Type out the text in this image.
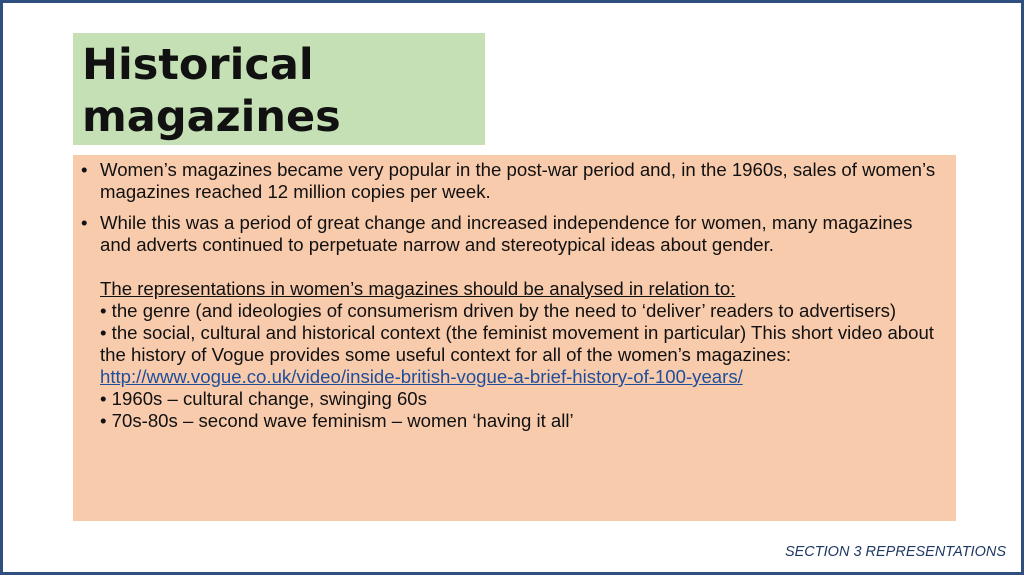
Historical magazines
• Women’s magazines became very popular in the post-war period and, in the 1960s, sales of women’s magazines reached 12 million copies per week.
• While this was a period of great change and increased independence for women, many magazines and adverts continued to perpetuate narrow and stereotypical ideas about gender.
The representations in women’s magazines should be analysed in relation to:
• the genre (and ideologies of consumerism driven by the need to ‘deliver’ readers to advertisers)
• the social, cultural and historical context (the feminist movement in particular) This short video about the history of Vogue provides some useful context for all of the women’s magazines:
http://www.vogue.co.uk/video/inside-british-vogue-a-brief-history-of-100-years/
• 1960s – cultural change, swinging 60s
• 70s-80s – second wave feminism – women ‘having it all’
SECTION 3 REPRESENTATIONS
